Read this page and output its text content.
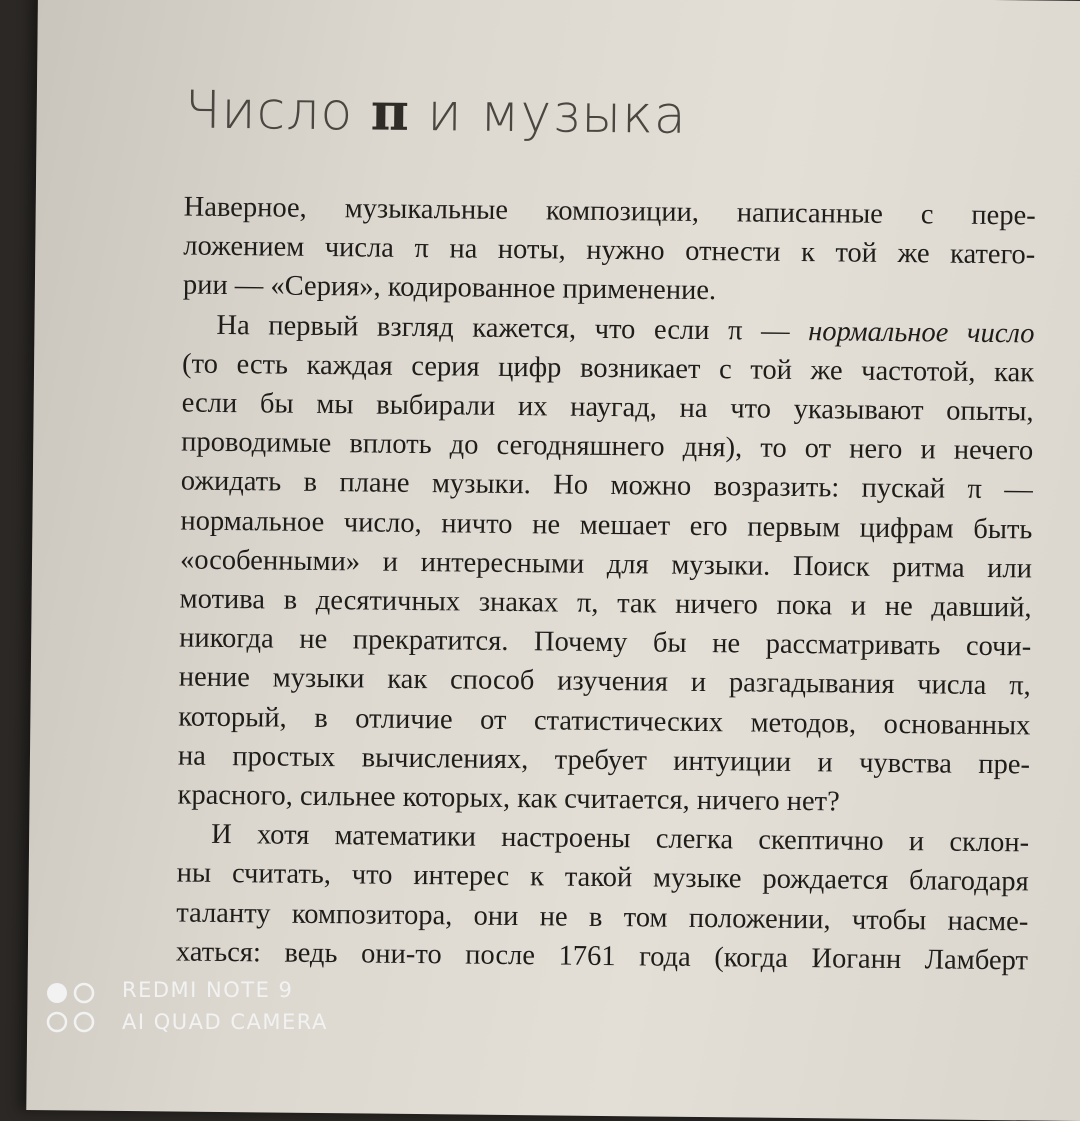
Число π и музыка
Наверное, музыкальные композиции, написанные с пере-
ложением числа π на ноты, нужно отнести к той же катего-
рии — «Серия», кодированное применение.
На первый взгляд кажется, что если π — нормальное число
(то есть каждая серия цифр возникает с той же частотой, как
если бы мы выбирали их наугад, на что указывают опыты,
проводимые вплоть до сегодняшнего дня), то от него и нечего
ожидать в плане музыки. Но можно возразить: пускай π —
нормальное число, ничто не мешает его первым цифрам быть
«особенными» и интересными для музыки. Поиск ритма или
мотива в десятичных знаках π, так ничего пока и не давший,
никогда не прекратится. Почему бы не рассматривать сочи-
нение музыки как способ изучения и разгадывания числа π,
который, в отличие от статистических методов, основанных
на простых вычислениях, требует интуиции и чувства пре-
красного, сильнее которых, как считается, ничего нет?
И хотя математики настроены слегка скептично и склон-
ны считать, что интерес к такой музыке рождается благодаря
таланту композитора, они не в том положении, чтобы насме-
хаться: ведь они-то после 1761 года (когда Иоганн Ламберт
REDMI NOTE 9
AI QUAD CAMERA
